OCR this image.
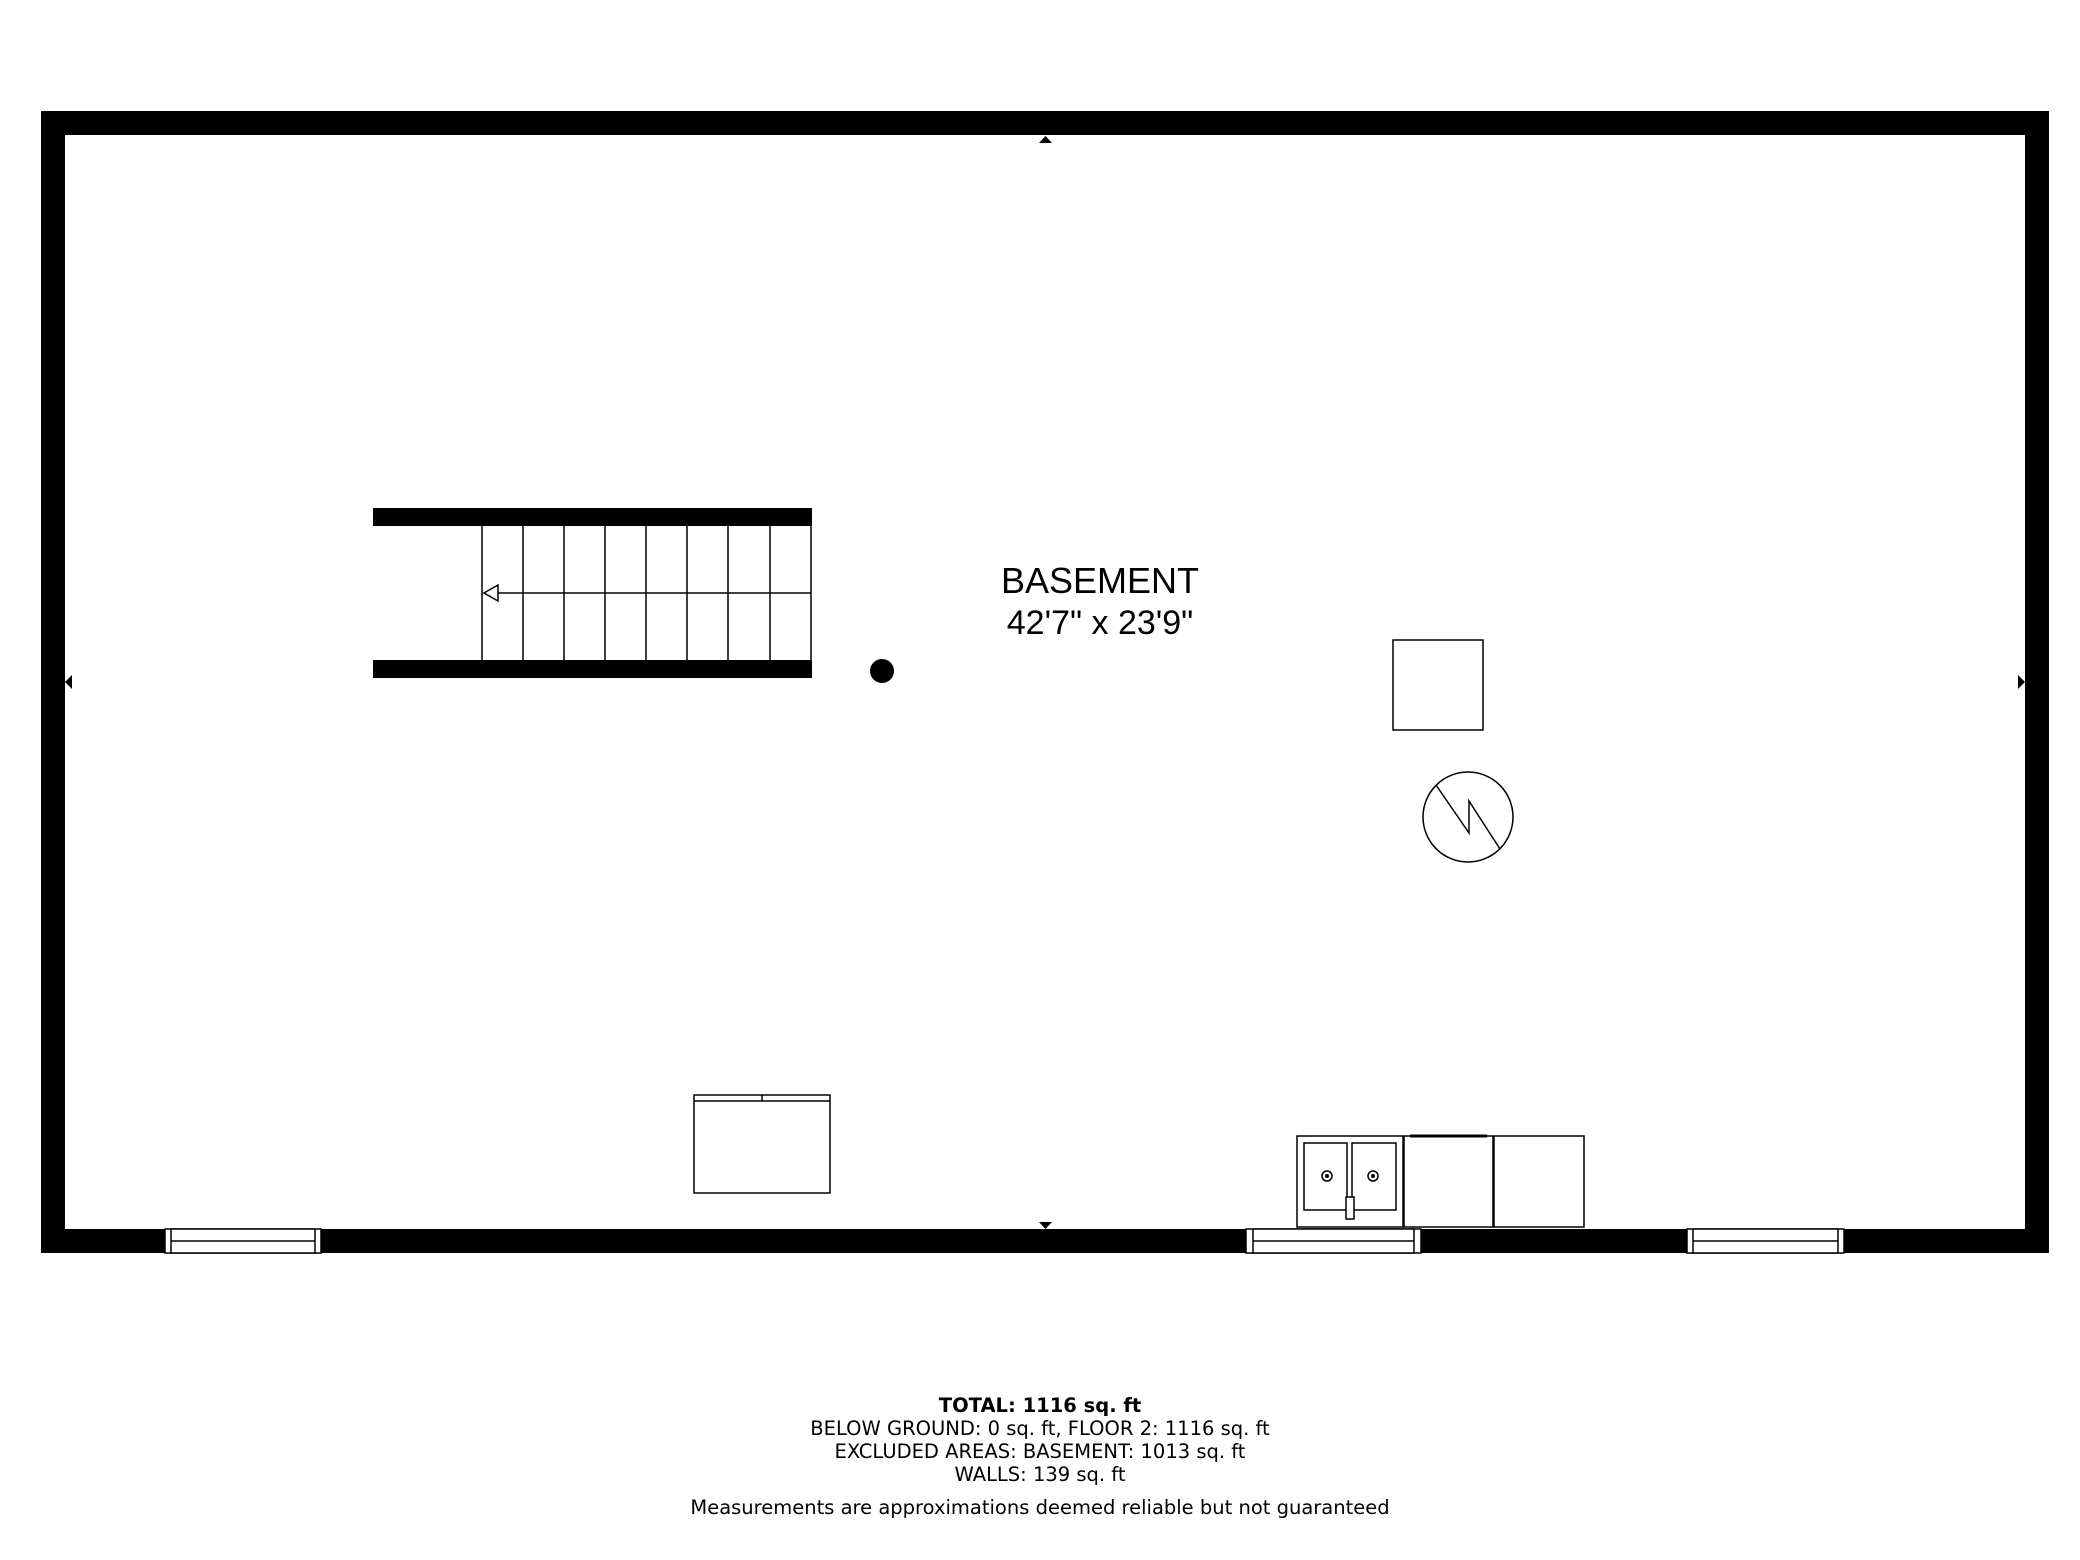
BASEMENT
42'7" x 23'9"
TOTAL: 1116 sq. ft
BELOW GROUND: 0 sq. ft, FLOOR 2: 1116 sq. ft
EXCLUDED AREAS: BASEMENT: 1013 sq. ft
WALLS: 139 sq. ft
Measurements are approximations deemed reliable but not guaranteed
